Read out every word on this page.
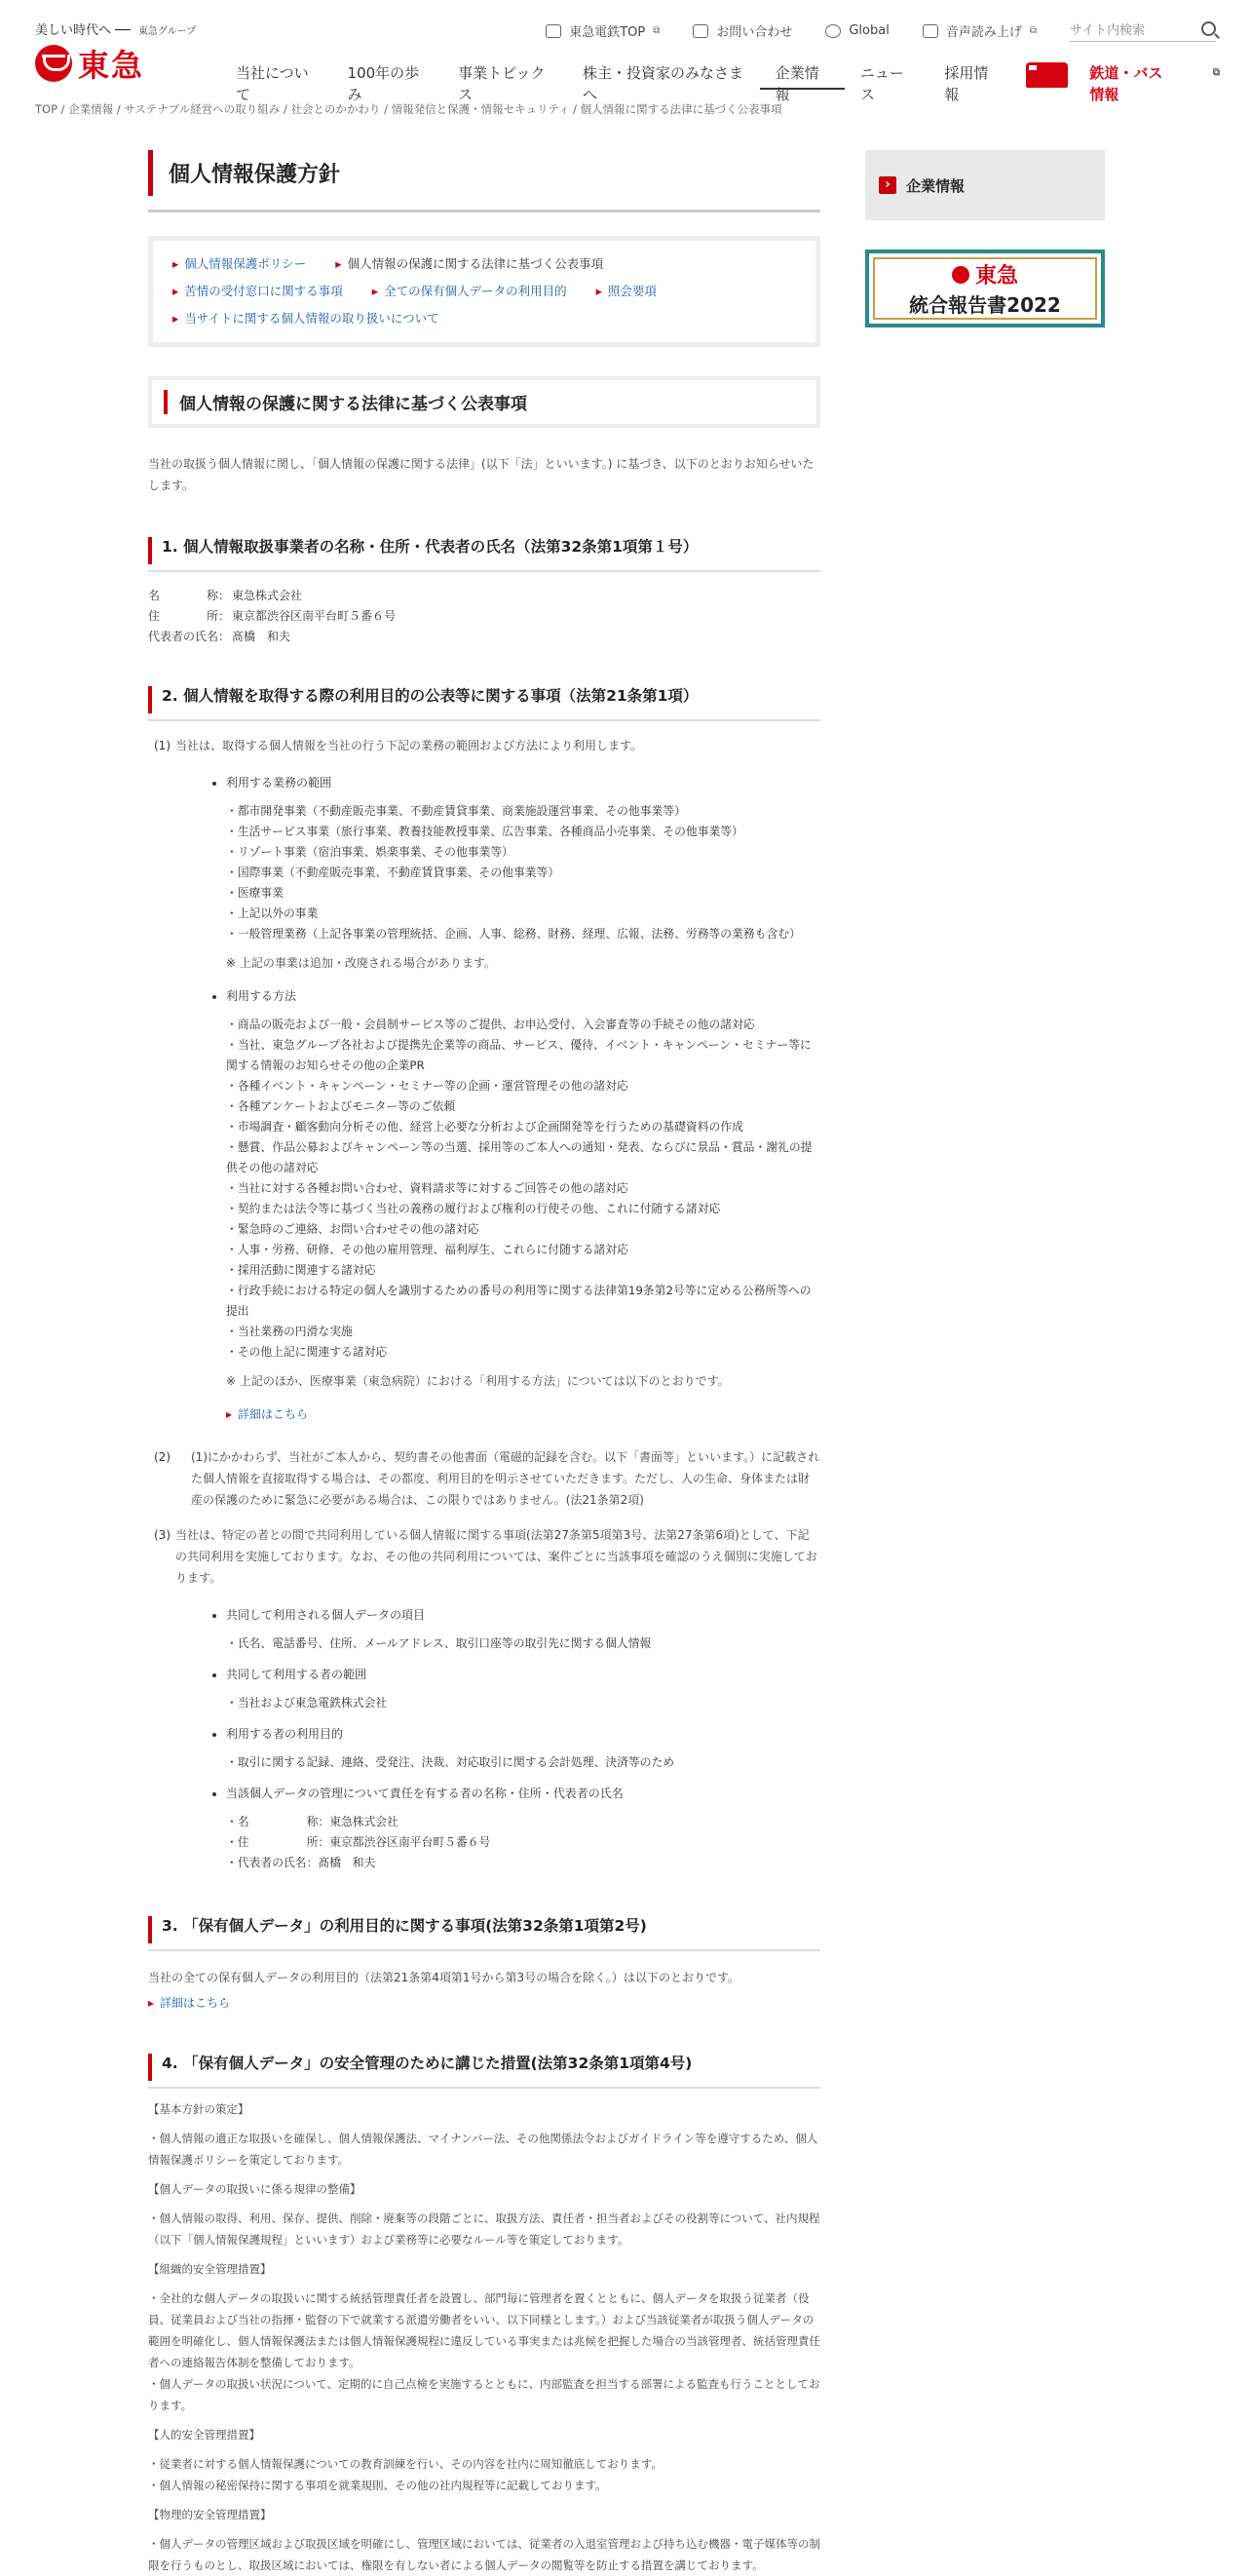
美しい時代へ ── 東急グループ
東急
東急電鉄TOP ⧉	お問い合わせ	Global	音声読み上げ ⧉	サイト内検索
当社について
100年の歩み
事業トピックス
株主・投資家のみなさまへ
企業情報
ニュース
採用情報
鉄道・バス情報
⧉
TOP / 企業情報 / サステナブル経営への取り組み / 社会とのかかわり / 情報発信と保護・情報セキュリティ / 個人情報に関する法律に基づく公表事項
個人情報保護方針
▸ 個人情報保護ポリシー	▸ 個人情報の保護に関する法律に基づく公表事項
▸ 苦情の受付窓口に関する事項	▸ 全ての保有個人データの利用目的	▸ 照会要項
▸ 当サイトに関する個人情報の取り扱いについて
個人情報の保護に関する法律に基づく公表事項

当社の取扱う個人情報に関し、「個人情報の保護に関する法律」(以下「法」といいます。) に基づき、以下のとおりお知らせいたします。

1. 個人情報取扱事業者の名称・住所・代表者の氏名（法第32条第1項第１号）
名　　　　称： 東急株式会社
住　　　　所： 東京都渋谷区南平台町５番６号
代表者の氏名： 髙橋　和夫
2. 個人情報を取得する際の利用目的の公表等に関する事項（法第21条第1項）
(1) 当社は、取得する個人情報を当社の行う下記の業務の範囲および方法により利用します。

• 利用する業務の範囲
・ 都市開発事業（不動産販売事業、不動産賃貸事業、商業施設運営事業、その他事業等）
・ 生活サービス事業（旅行事業、教養技能教授事業、広告事業、各種商品小売事業、その他事業等）
・ リゾート事業（宿泊事業、娯楽事業、その他事業等）
・ 国際事業（不動産販売事業、不動産賃貸事業、その他事業等）
・ 医療事業
・ 上記以外の事業
・ 一般管理業務（上記各事業の管理統括、企画、人事、総務、財務、経理、広報、法務、労務等の業務も含む）

※ 上記の事業は追加・改廃される場合があります。

• 利用する方法
・ 商品の販売および一般・会員制サービス等のご提供、お申込受付、入会審査等の手続その他の諸対応
・ 当社、東急グループ各社および提携先企業等の商品、サービス、優待、イベント・キャンペーン・セミナー等に関する情報のお知らせその他の企業PR
・ 各種イベント・キャンペーン・セミナー等の企画・運営管理その他の諸対応
・ 各種アンケートおよびモニター等のご依頼
・ 市場調査・顧客動向分析その他、経営上必要な分析および企画開発等を行うための基礎資料の作成
・ 懸賞、作品公募およびキャンペーン等の当選、採用等のご本人への通知・発表、ならびに景品・賞品・謝礼の提供その他の諸対応
・ 当社に対する各種お問い合わせ、資料請求等に対するご回答その他の諸対応
・ 契約または法令等に基づく当社の義務の履行および権利の行使その他、これに付随する諸対応
・ 緊急時のご連絡、お問い合わせその他の諸対応
・ 人事・労務、研修、その他の雇用管理、福利厚生、これらに付随する諸対応
・ 採用活動に関連する諸対応
・ 行政手続における特定の個人を識別するための番号の利用等に関する法律第19条第2号等に定める公務所等への提出
・ 当社業務の円滑な実施
・ その他上記に関連する諸対応

※ 上記のほか、医療事業（東急病院）における「利用する方法」については以下のとおりです。

▸ 詳細はこちら
(2)	(1)にかかわらず、当社がご本人から、契約書その他書面（電磁的記録を含む。以下「書面等」といいます。）に記載された個人情報を直接取得する場合は、その都度、利用目的を明示させていただきます。ただし、人の生命、身体または財産の保護のために緊急に必要がある場合は、この限りではありません。(法21条第2項)

(3) 当社は、特定の者との間で共同利用している個人情報に関する事項(法第27条第5項第3号、法第27条第6項)として、下記の共同利用を実施しております。なお、その他の共同利用については、案件ごとに当該事項を確認のうえ個別に実施しております。

• 共同して利用される個人データの項目
・ 氏名、電話番号、住所、メールアドレス、取引口座等の取引先に関する個人情報
• 共同して利用する者の範囲
・ 当社および東急電鉄株式会社
• 利用する者の利用目的
・ 取引に関する記録、連絡、受発注、決裁、対応取引に関する会計処理、決済等のため
• 当該個人データの管理について責任を有する者の名称・住所・代表者の氏名
・ 名　　　　　称：東急株式会社
・ 住　　　　　所：東京都渋谷区南平台町５番６号
・ 代表者の氏名：髙橋　和夫
3. 「保有個人データ」の利用目的に関する事項(法第32条第1項第2号)

当社の全ての保有個人データの利用目的（法第21条第4項第1号から第3号の場合を除く。）は以下のとおりです。

▸ 詳細はこちら
4. 「保有個人データ」の安全管理のために講じた措置(法第32条第1項第4号)

【基本方針の策定】

・個人情報の適正な取扱いを確保し、個人情報保護法、マイナンバー法、その他関係法令およびガイドライン等を遵守するため、個人情報保護ポリシーを策定しております。

【個人データの取扱いに係る規律の整備】

・個人情報の取得、利用、保存、提供、削除・廃棄等の段階ごとに、取扱方法、責任者・担当者およびその役割等について、社内規程（以下「個人情報保護規程」といいます）および業務等に必要なルール等を策定しております。

【組織的安全管理措置】

・全社的な個人データの取扱いに関する統括管理責任者を設置し、部門毎に管理者を置くとともに、個人データを取扱う従業者（役員、従業員および当社の指揮・監督の下で就業する派遣労働者をいい、以下同様とします。）および当該従業者が取扱う個人データの範囲を明確化し、個人情報保護法または個人情報保護規程に違反している事実または兆候を把握した場合の当該管理者、統括管理責任者への連絡報告体制を整備しております。

・個人データの取扱い状況について、定期的に自己点検を実施するとともに、内部監査を担当する部署による監査も行うこととしております。

【人的安全管理措置】

・従業者に対する個人情報保護についての教育訓練を行い、その内容を社内に周知徹底しております。

・個人情報の秘密保持に関する事項を就業規則、その他の社内規程等に記載しております。

【物理的安全管理措置】

・個人データの管理区域および取扱区域を明確にし、管理区域においては、従業者の入退室管理および持ち込む機器・電子媒体等の制限を行うものとし、取扱区域においては、権限を有しない者による個人データの閲覧等を防止する措置を講じております。

›	企業情報
東急
統合報告書2022
